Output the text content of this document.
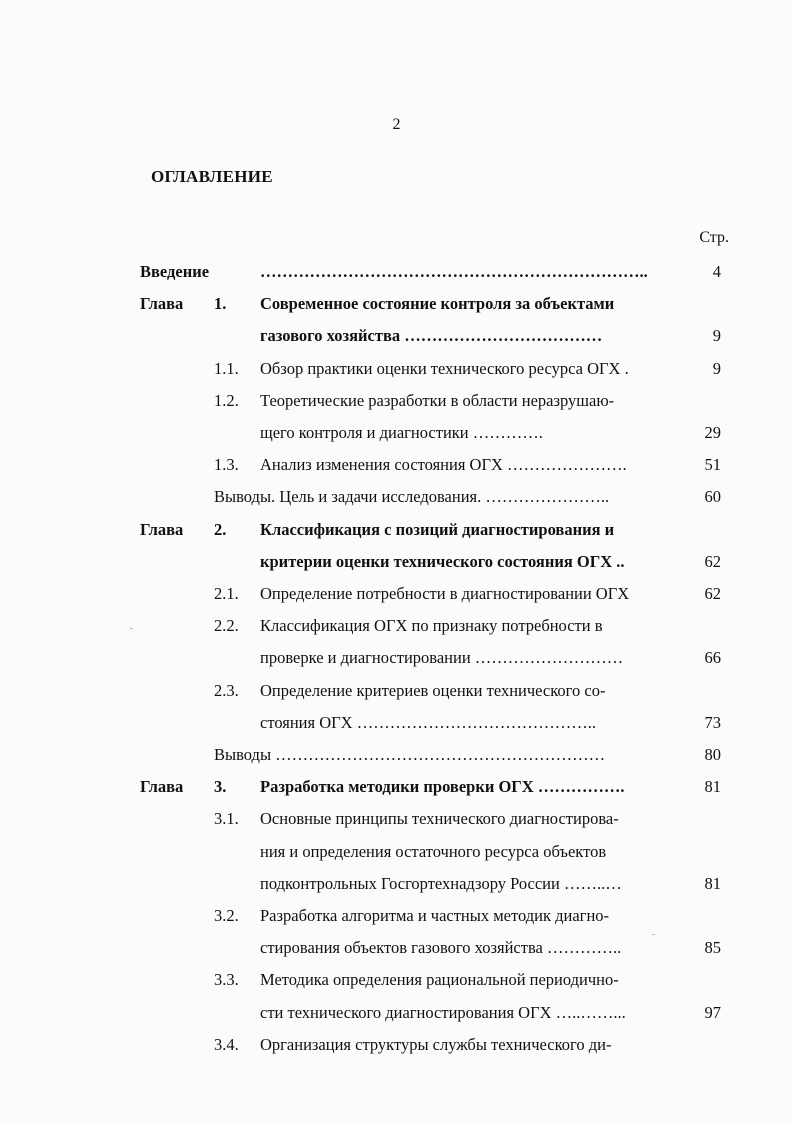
2
ОГЛАВЛЕНИЕ
Стр.
Введение	……………………………………………………………..	4
Глава 1. Современное состояние контроля за объектами
газового хозяйства ………………………………	9
1.1. Обзор практики оценки технического ресурса ОГХ .	9
1.2. Теоретические разработки в области неразрушаю-
щего контроля и диагностики ………….	29
1.3. Анализ изменения состояния ОГХ ………………….	51
Выводы. Цель и задачи исследования. …………………..	60
Глава 2. Классификация с позиций диагностирования и
критерии оценки технического состояния ОГХ ..	62
2.1. Определение потребности в диагностировании ОГХ	62
2.2. Классификация ОГХ по признаку потребности в
проверке и диагностировании ………………………	66
2.3. Определение критериев оценки технического со-
стояния ОГХ ……………………………………..	73
Выводы ……………………………………………………	80
Глава 3. Разработка методики проверки ОГХ …………….	81
3.1. Основные принципы технического диагностирова-
ния и определения остаточного ресурса объектов
подконтрольных Госгортехнадзору России ……..…	81
3.2. Разработка алгоритма и частных методик диагно-
стирования объектов газового хозяйства …………..	85
3.3. Методика определения рациональной периодично-
сти технического диагностирования ОГХ …..……...	97
3.4. Организация структуры службы технического ди-
